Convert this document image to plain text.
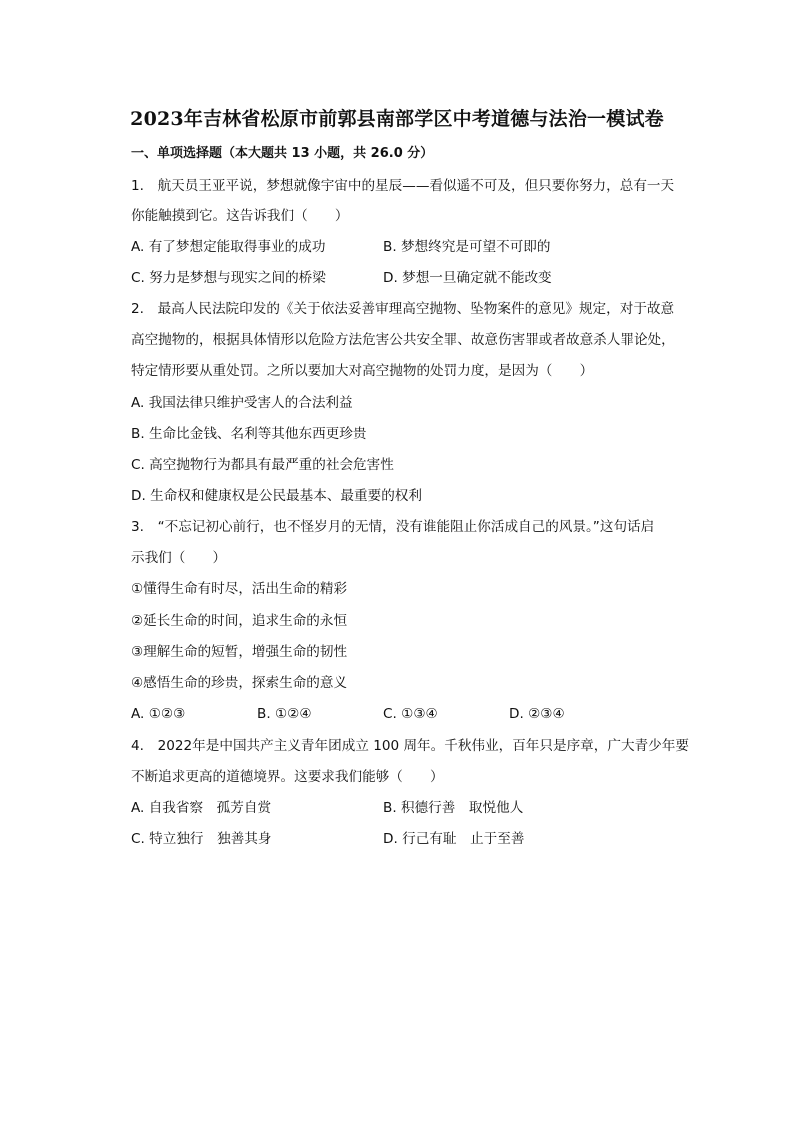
2023年吉林省松原市前郭县南部学区中考道德与法治一模试卷
一、单项选择题（本大题共 13 小题，共 26.0 分）
1.　航天员王亚平说，梦想就像宇宙中的星辰——看似遥不可及，但只要你努力，总有一天
你能触摸到它。这告诉我们（　　）
A. 有了梦想定能取得事业的成功	B. 梦想终究是可望不可即的
C. 努力是梦想与现实之间的桥梁	D. 梦想一旦确定就不能改变
2.　最高人民法院印发的《关于依法妥善审理高空抛物、坠物案件的意见》规定，对于故意
高空抛物的，根据具体情形以危险方法危害公共安全罪、故意伤害罪或者故意杀人罪论处，
特定情形要从重处罚。之所以要加大对高空抛物的处罚力度，是因为（　　）
A. 我国法律只维护受害人的合法利益
B. 生命比金钱、名利等其他东西更珍贵
C. 高空抛物行为都具有最严重的社会危害性
D. 生命权和健康权是公民最基本、最重要的权利
3.　“不忘记初心前行，也不怪岁月的无情，没有谁能阻止你活成自己的风景。”这句话启
示我们（　　）
①懂得生命有时尽，活出生命的精彩
②延长生命的时间，追求生命的永恒
③理解生命的短暂，增强生命的韧性
④感悟生命的珍贵，探索生命的意义
A. ①②③	B. ①②④	C. ①③④	D. ②③④
4.　2022年是中国共产主义青年团成立 100 周年。千秋伟业，百年只是序章，广大青少年要
不断追求更高的道德境界。这要求我们能够（　　）
A. 自我省察　孤芳自赏	B. 积德行善　取悦他人
C. 特立独行　独善其身	D. 行己有耻　止于至善
